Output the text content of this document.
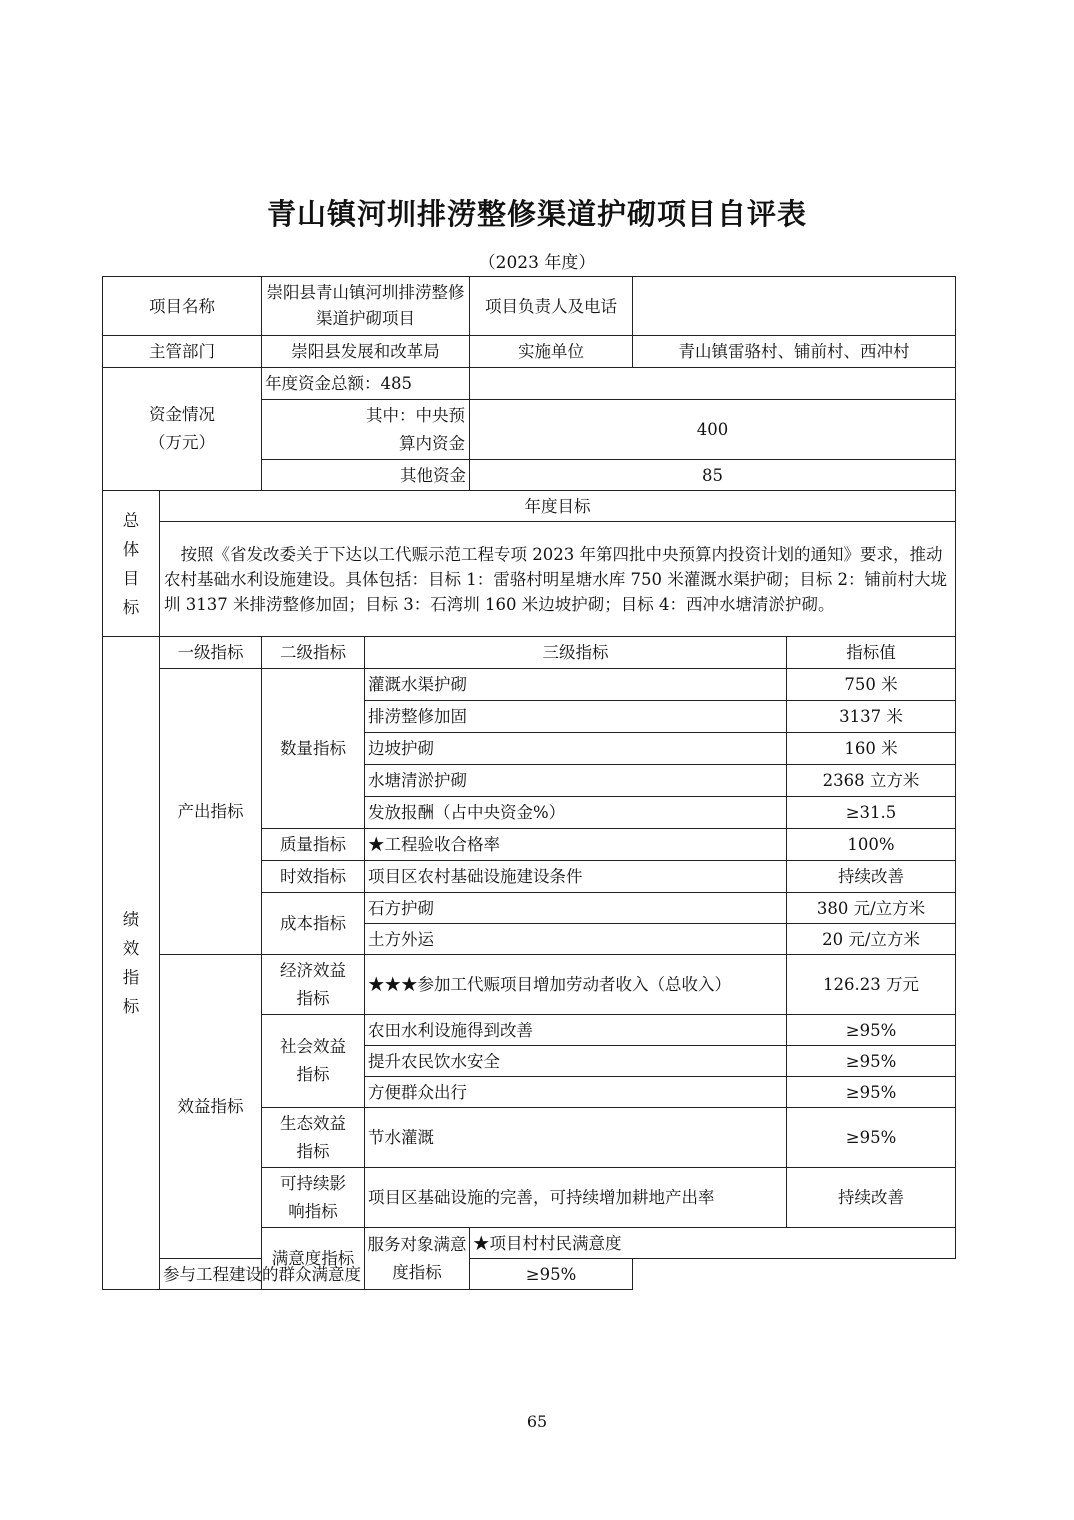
青山镇河圳排涝整修渠道护砌项目自评表
（2023 年度）
项目名称		崇阳县青山镇河圳排涝整修渠道护砌项目		项目负责人及电话			
主管部门		崇阳县发展和改革局		实施单位	青山镇雷骆村、铺前村、西冲村		
资金情况（万元）		年度资金总额：485					
		其中：中央预算内资金		400			
		其他资金		85			

总体目标	年度目标						
	按照《省发改委关于下达以工代赈示范工程专项 2023 年第四批中央预算内投资计划的通知》要求，推动农村基础水利设施建设。具体包括：目标 1：雷骆村明星塘水库 750 米灌溉水渠护砌；目标 2：铺前村大垅圳 3137 米排涝整修加固；目标 3：石湾圳 160 米边坡护砌；目标 4：西冲水塘清淤护砌。						

绩效指标	一级指标	二级指标	三级指标			指标值	
	产出指标	数量指标	灌溉水渠护砌			750 米	
			排涝整修加固			3137 米	
			边坡护砌			160 米	
			水塘清淤护砌			2368 立方米	
			发放报酬（占中央资金%）			≥31.5	
		质量指标	★工程验收合格率			100%	
		时效指标	项目区农村基础设施建设条件			持续改善	
		成本指标	石方护砌			380 元/立方米	
			土方外运			20 元/立方米	
	效益指标	经济效益指标	★★★参加工代赈项目增加劳动者收入（总收入）			126.23 万元	
		社会效益指标	农田水利设施得到改善			≥95%	
			提升农民饮水安全			≥95%	
			方便群众出行			≥95%	
		生态效益指标	节水灌溉			≥95%	
		可持续影响指标	项目区基础设施的完善，可持续增加耕地产出率			持续改善	
		满意度指标	服务对象满意度指标	★项目村村民满意度	
	参与工程建设的群众满意度			≥95%			
65
